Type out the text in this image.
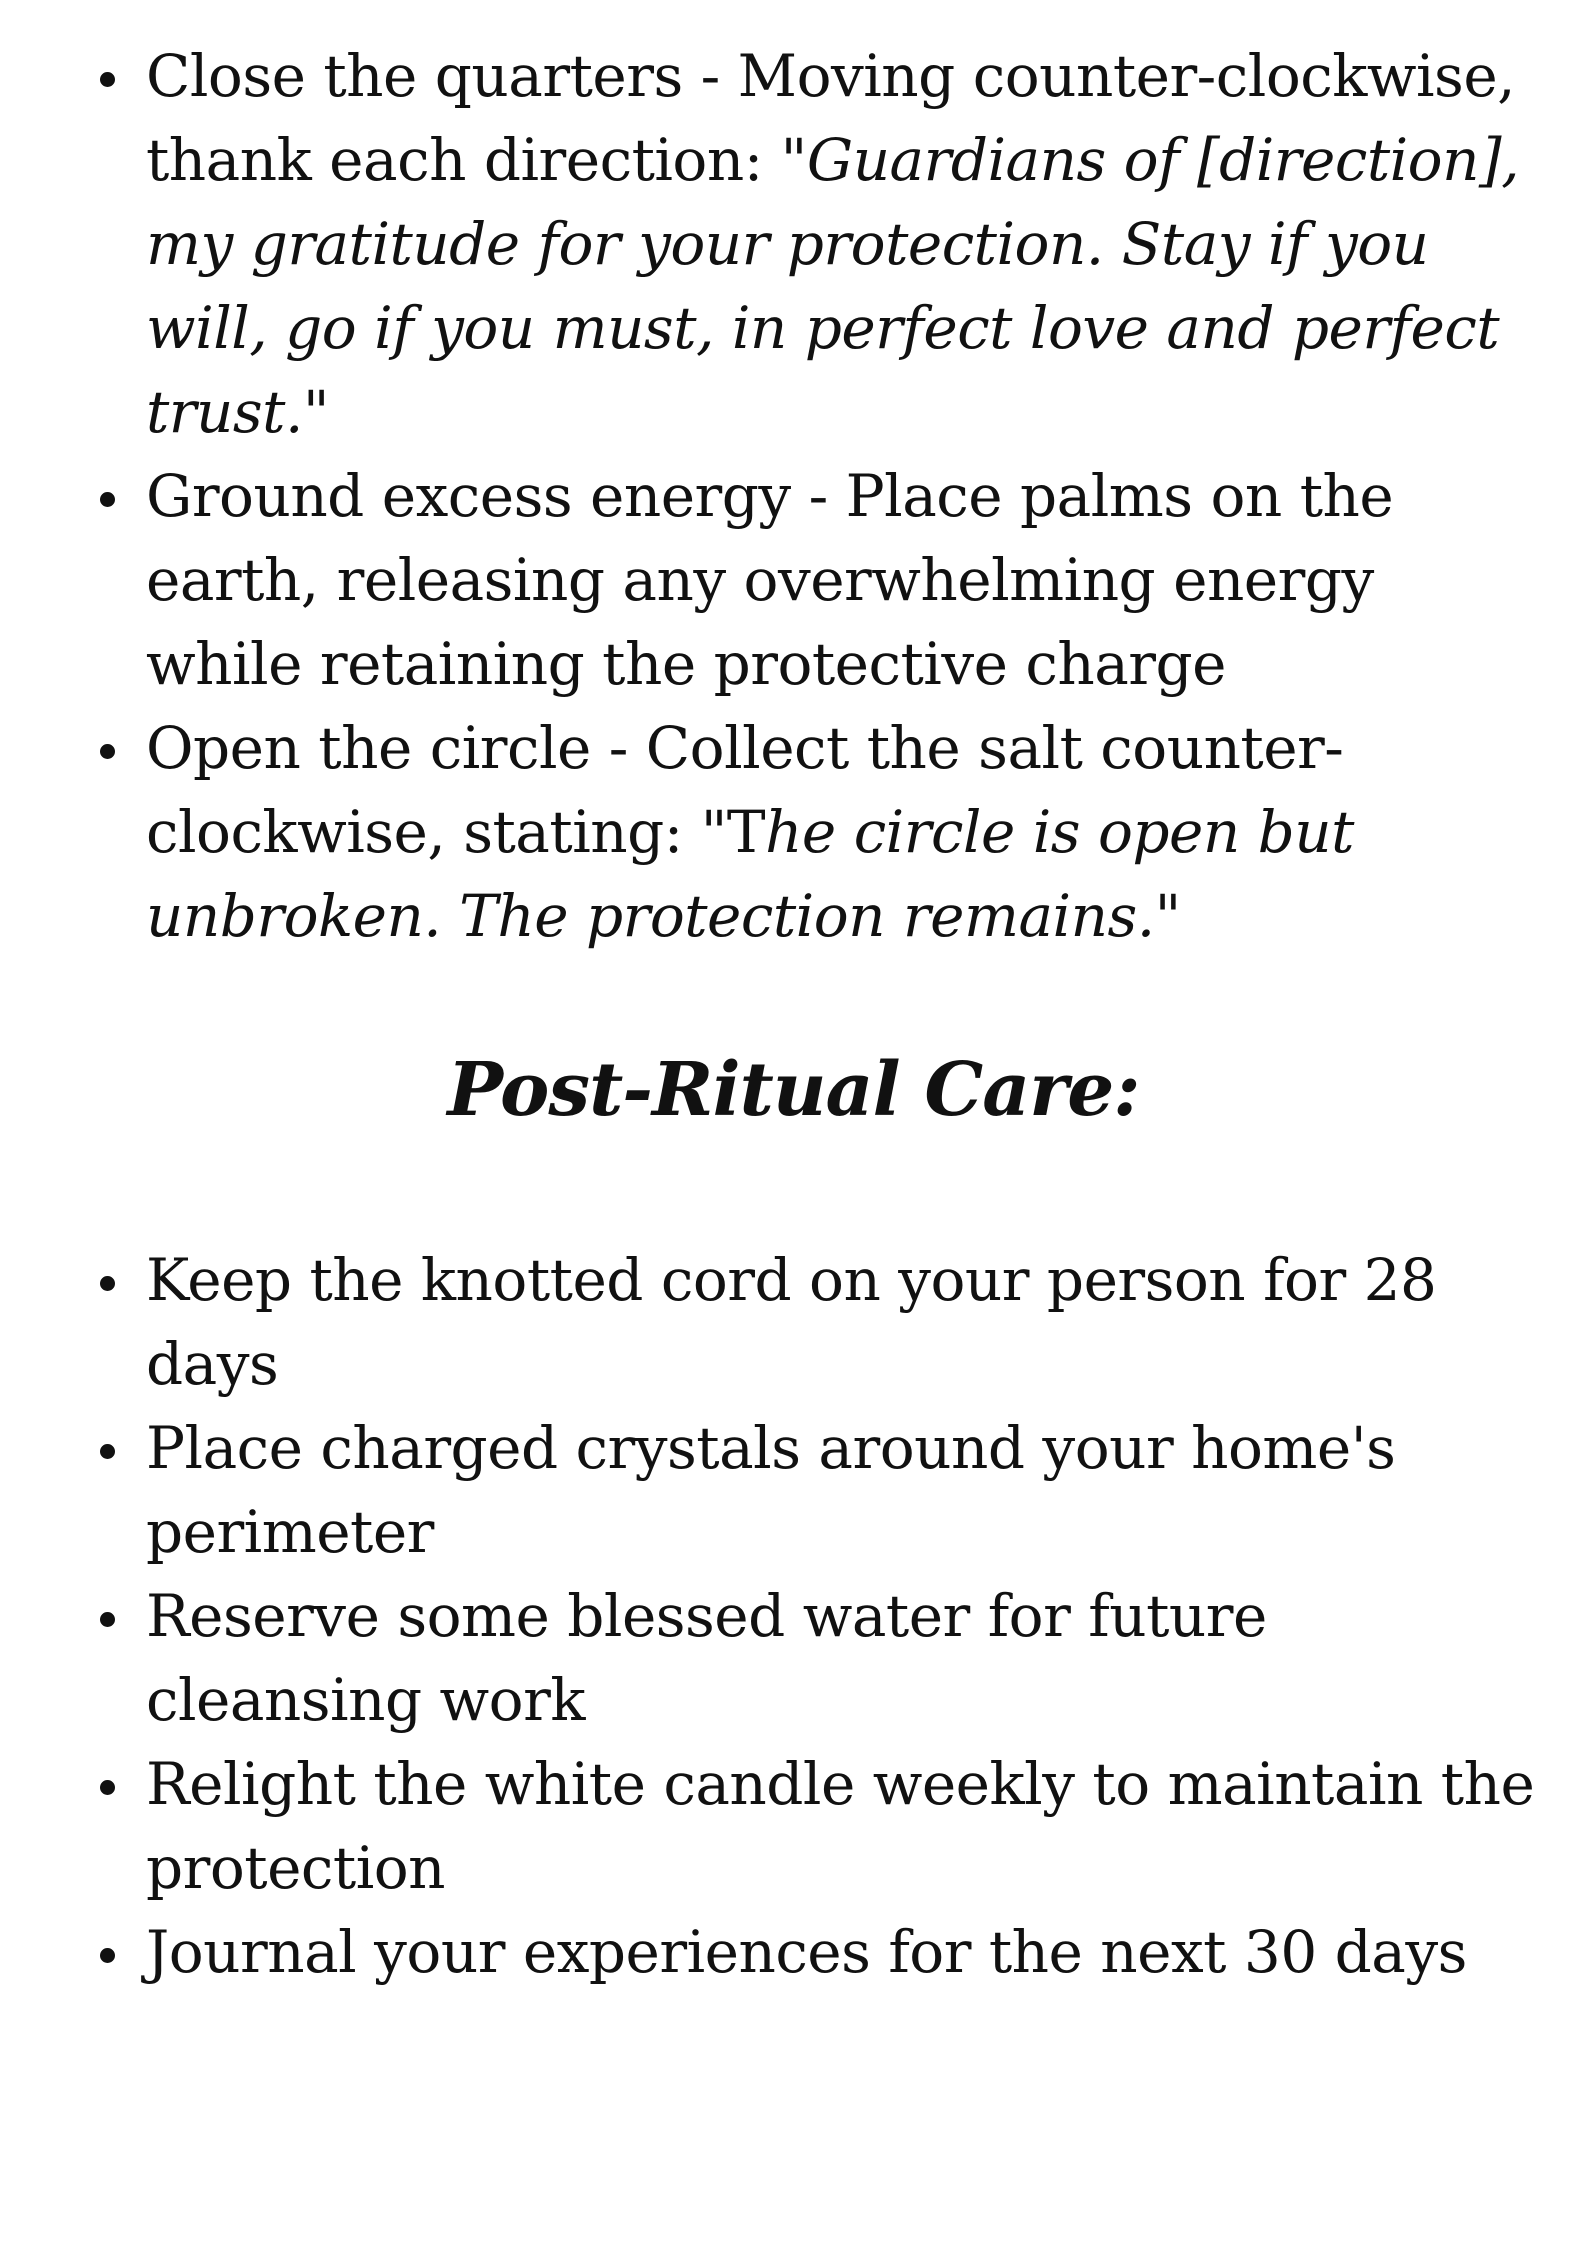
Close the quarters - Moving counter-clockwise, thank each direction: "Guardians of [direction], my gratitude for your protection. Stay if you will, go if you must, in perfect love and perfect trust."
Ground excess energy - Place palms on the earth, releasing any overwhelming energy while retaining the protective charge
Open the circle - Collect the salt counter-clockwise, stating: "The circle is open but unbroken. The protection remains."
Post-Ritual Care:
Keep the knotted cord on your person for 28 days
Place charged crystals around your home's perimeter
Reserve some blessed water for future cleansing work
Relight the white candle weekly to maintain the protection
Journal your experiences for the next 30 days
